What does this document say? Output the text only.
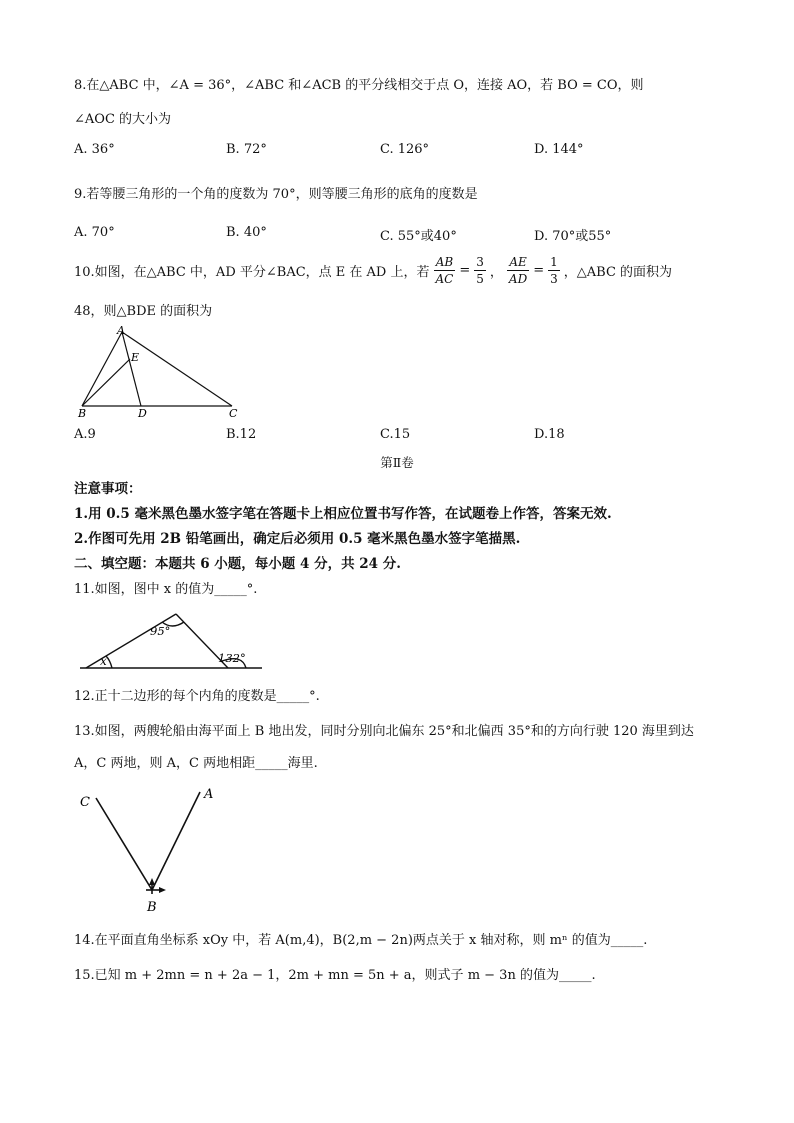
8.在△ABC 中，∠A = 36°，∠ABC 和∠ACB 的平分线相交于点 O，连接 AO，若 BO = CO，则
∠AOC 的大小为
A. 36°	B. 72°	C. 126°	D. 144°
9.若等腰三角形的一个角的度数为 70°，则等腰三角形的底角的度数是
A. 70°	B. 40°	C. 55°或40°	D. 70°或55°
10.如图，在△ABC 中，AD 平分∠BAC，点 E 在 AD 上，若 $\frac{AB}{AC} = \frac{3}{5}$ ， $\frac{AE}{AD} = \frac{1}{3}$ ，△ABC 的面积为
48，则△BDE 的面积为
A
E
B	D	C
A.9	B.12	C.15	D.18
第Ⅱ卷
注意事项：
1.用 0.5 毫米黑色墨水签字笔在答题卡上相应位置书写作答，在试题卷上作答，答案无效.
2.作图可先用 2B 铅笔画出，确定后必须用 0.5 毫米黑色墨水签字笔描黑.
二、填空题：本题共 6 小题，每小题 4 分，共 24 分.
11.如图，图中 x 的值为_____°.
95°
132°
x
12.正十二边形的每个内角的度数是_____°.
13.如图，两艘轮船由海平面上 B 地出发，同时分别向北偏东 25°和北偏西 35°和的方向行驶 120 海里到达
A，C 两地，则 A，C 两地相距_____海里.
C
A
B
14.在平面直角坐标系 xOy 中，若 A(m,4)，B(2,m − 2n)两点关于 x 轴对称，则 mⁿ 的值为_____.
15.已知 m + 2mn = n + 2a − 1，2m + mn = 5n + a，则式子 m − 3n 的值为_____.
